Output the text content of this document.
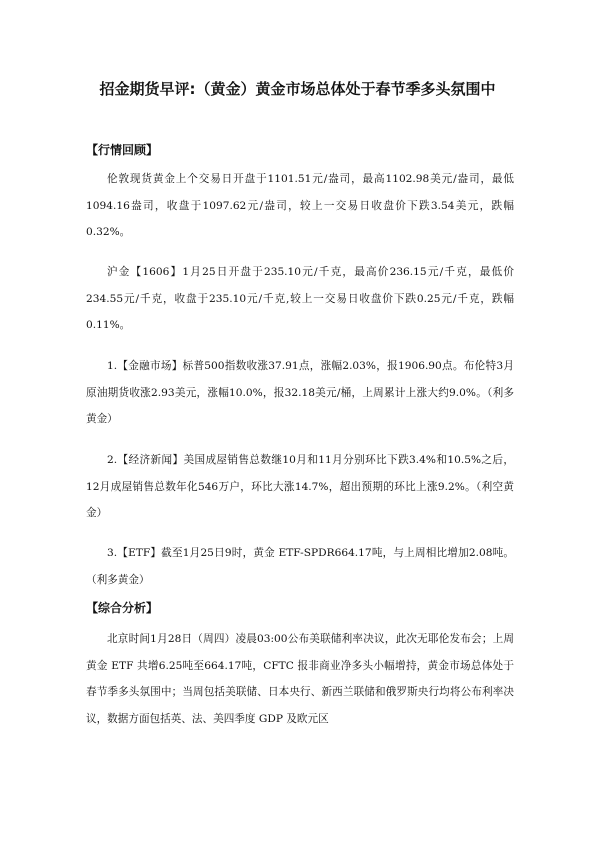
招金期货早评:（黄金）黄金市场总体处于春节季多头氛围中
【行情回顾】
伦敦现货黄金上个交易日开盘于1101.51元/盎司，最高1102.98美元/盎司，最低1094.16盎司，收盘于1097.62元/盎司，较上一交易日收盘价下跌3.54美元，跌幅0.32%。
沪金【1606】1月25日开盘于235.10元/千克，最高价236.15元/千克，最低价234.55元/千克，收盘于235.10元/千克,较上一交易日收盘价下跌0.25元/千克，跌幅0.11%。
1.【金融市场】标普500指数收涨37.91点，涨幅2.03%，报1906.90点。布伦特3月原油期货收涨2.93美元，涨幅10.0%，报32.18美元/桶，上周累计上涨大约9.0%。（利多黄金）
2.【经济新闻】美国成屋销售总数继10月和11月分别环比下跌3.4%和10.5%之后，12月成屋销售总数年化546万户，环比大涨14.7%，超出预期的环比上涨9.2%。（利空黄金）
3.【ETF】截至1月25日9时，黄金 ETF-SPDR664.17吨，与上周相比增加2.08吨。（利多黄金）
【综合分析】
北京时间1月28日（周四）凌晨03:00公布美联储利率决议，此次无耶伦发布会；上周黄金 ETF 共增6.25吨至664.17吨，CFTC 报非商业净多头小幅增持，黄金市场总体处于春节季多头氛围中；当周包括美联储、日本央行、新西兰联储和俄罗斯央行均将公布利率决议，数据方面包括英、法、美四季度 GDP 及欧元区
